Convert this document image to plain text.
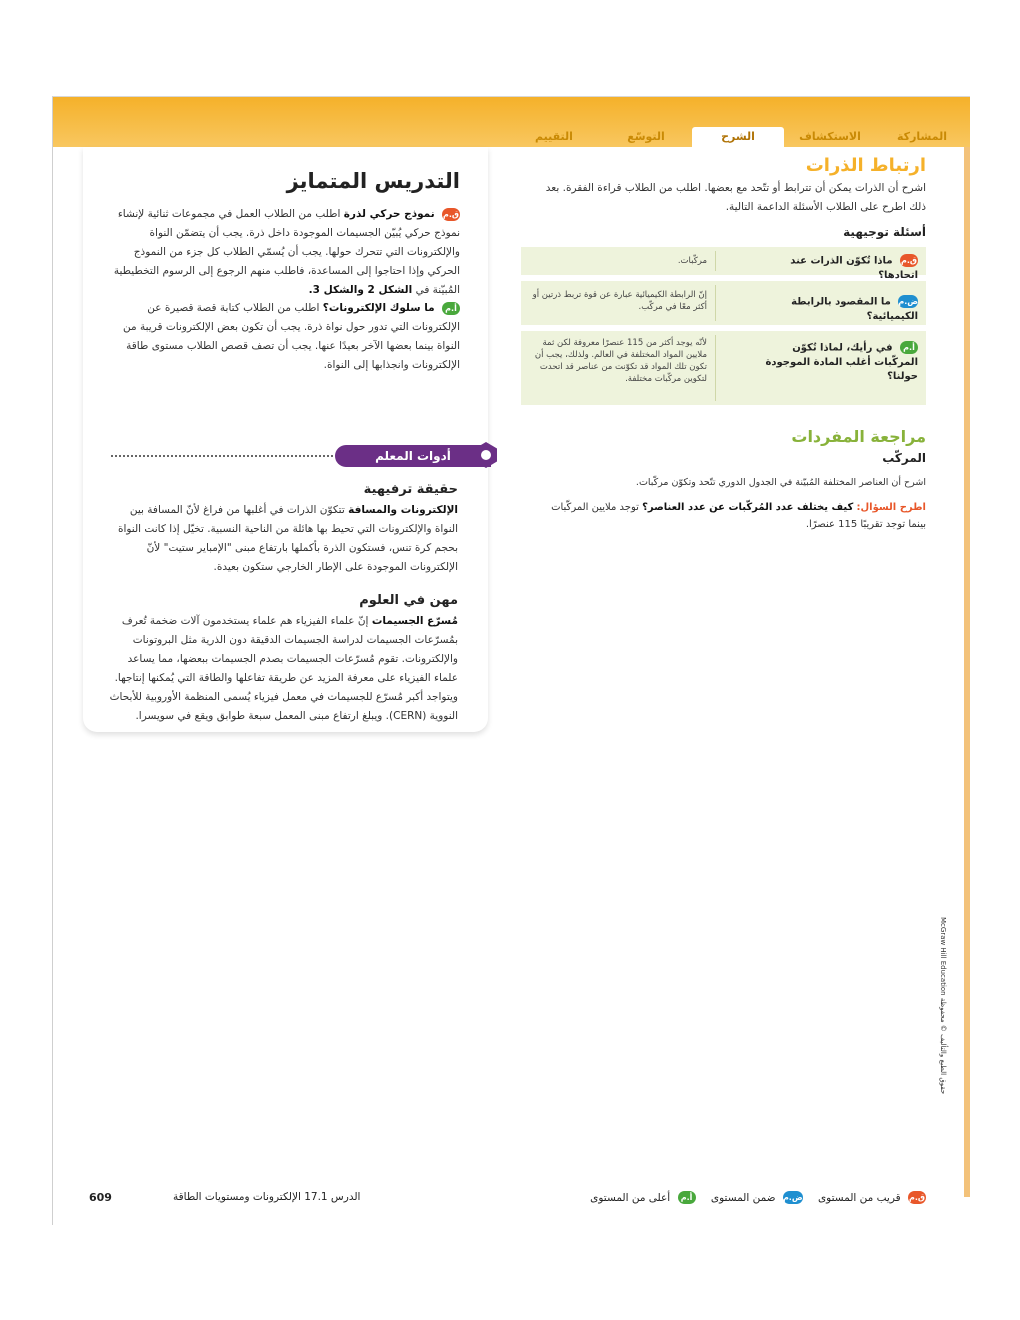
المشاركة
الاستكشاف
الشرح
التوسّع
التقييم
التدريس المتمايز
ق.م نموذج حركي لذرة اطلب من الطلاب العمل في مجموعات ثنائية لإنشاء نموذج حركي يُبيّن الجسيمات الموجودة داخل ذرة. يجب أن يتضمّن النواة والإلكترونات التي تتحرك حولها. يجب أن يُسمّي الطلاب كل جزء من النموذج الحركي وإذا احتاجوا إلى المساعدة، فاطلب منهم الرجوع إلى الرسوم التخطيطية المُبيّنة في الشكل 2 والشكل 3.
أ.م ما سلوك الإلكترونات؟ اطلب من الطلاب كتابة قصة قصيرة عن الإلكترونات التي تدور حول نواة ذرة. يجب أن تكون بعض الإلكترونات قريبة من النواة بينما بعضها الآخر بعيدًا عنها. يجب أن تصف قصص الطلاب مستوى طاقة الإلكترونات وانجذابها إلى النواة.
أدوات المعلم
حقيقة ترفيهية
الإلكترونات والمسافة تتكوّن الذرات في أغلبها من فراغ لأنّ المسافة بين النواة والإلكترونات التي تحيط بها هائلة من الناحية النسبية. تخيّل إذا كانت النواة بحجم كرة تنس، فستكون الذرة بأكملها بارتفاع مبنى "الإمباير ستيت" لأنّ الإلكترونات الموجودة على الإطار الخارجي ستكون بعيدة.
مهن في العلوم
مُسرّع الجسيمات إنّ علماء الفيزياء هم علماء يستخدمون آلات ضخمة تُعرف بمُسرّعات الجسيمات لدراسة الجسيمات الدقيقة دون الذرية مثل البروتونات والإلكترونات. تقوم مُسرّعات الجسيمات بصدم الجسيمات ببعضها، مما يساعد علماء الفيزياء على معرفة المزيد عن طريقة تفاعلها والطاقة التي يُمكنها إنتاجها. ويتواجد أكبر مُسرّع للجسيمات في معمل فيزياء يُسمى المنظمة الأوروبية للأبحاث النووية (CERN). ويبلغ ارتفاع مبنى المعمل سبعة طوابق ويقع في سويسرا.
ارتباط الذرات
اشرح أن الذرات يمكن أن تترابط أو تتّحد مع بعضها. اطلب من الطلاب قراءة الفقرة. بعد ذلك اطرح على الطلاب الأسئلة الداعمة التالية.
أسئلة توجيهية
ق.م ماذا تُكوّن الذرات عند اتحادها؟
مركّبات.
ض.م ما المقصود بالرابطة الكيميائية؟
إنّ الرابطة الكيميائية عبارة عن قوة تربط ذرتين أو أكثر معًا في مركّب.
أ.م في رأيك، لماذا تُكوّن المركّبات أغلب المادة الموجودة حولنا؟
لأنّه يوجد أكثر من 115 عنصرًا معروفة لكن ثمة ملايين المواد المختلفة في العالم. ولذلك، يجب أن تكون تلك المواد قد تكوّنت من عناصر قد اتحدت لتكوين مركّبات مختلفة.
مراجعة المفردات
المركّب
اشرح أن العناصر المختلفة المُبيّنة في الجدول الدوري تتّحد وتكوّن مركّبات.
اطرح السؤال: كيف يختلف عدد المُركّبات عن عدد العناصر؟ توجد ملايين المركّبات بينما توجد تقريبًا 115 عنصرًا.
McGraw Hill Education حقوق الطبع والتأليف © محفوظة
609	الدرس 17.1 الإلكترونات ومستويات الطاقة	ق.م قريب من المستوى ض.م ضمن المستوى أ.م أعلى من المستوى
